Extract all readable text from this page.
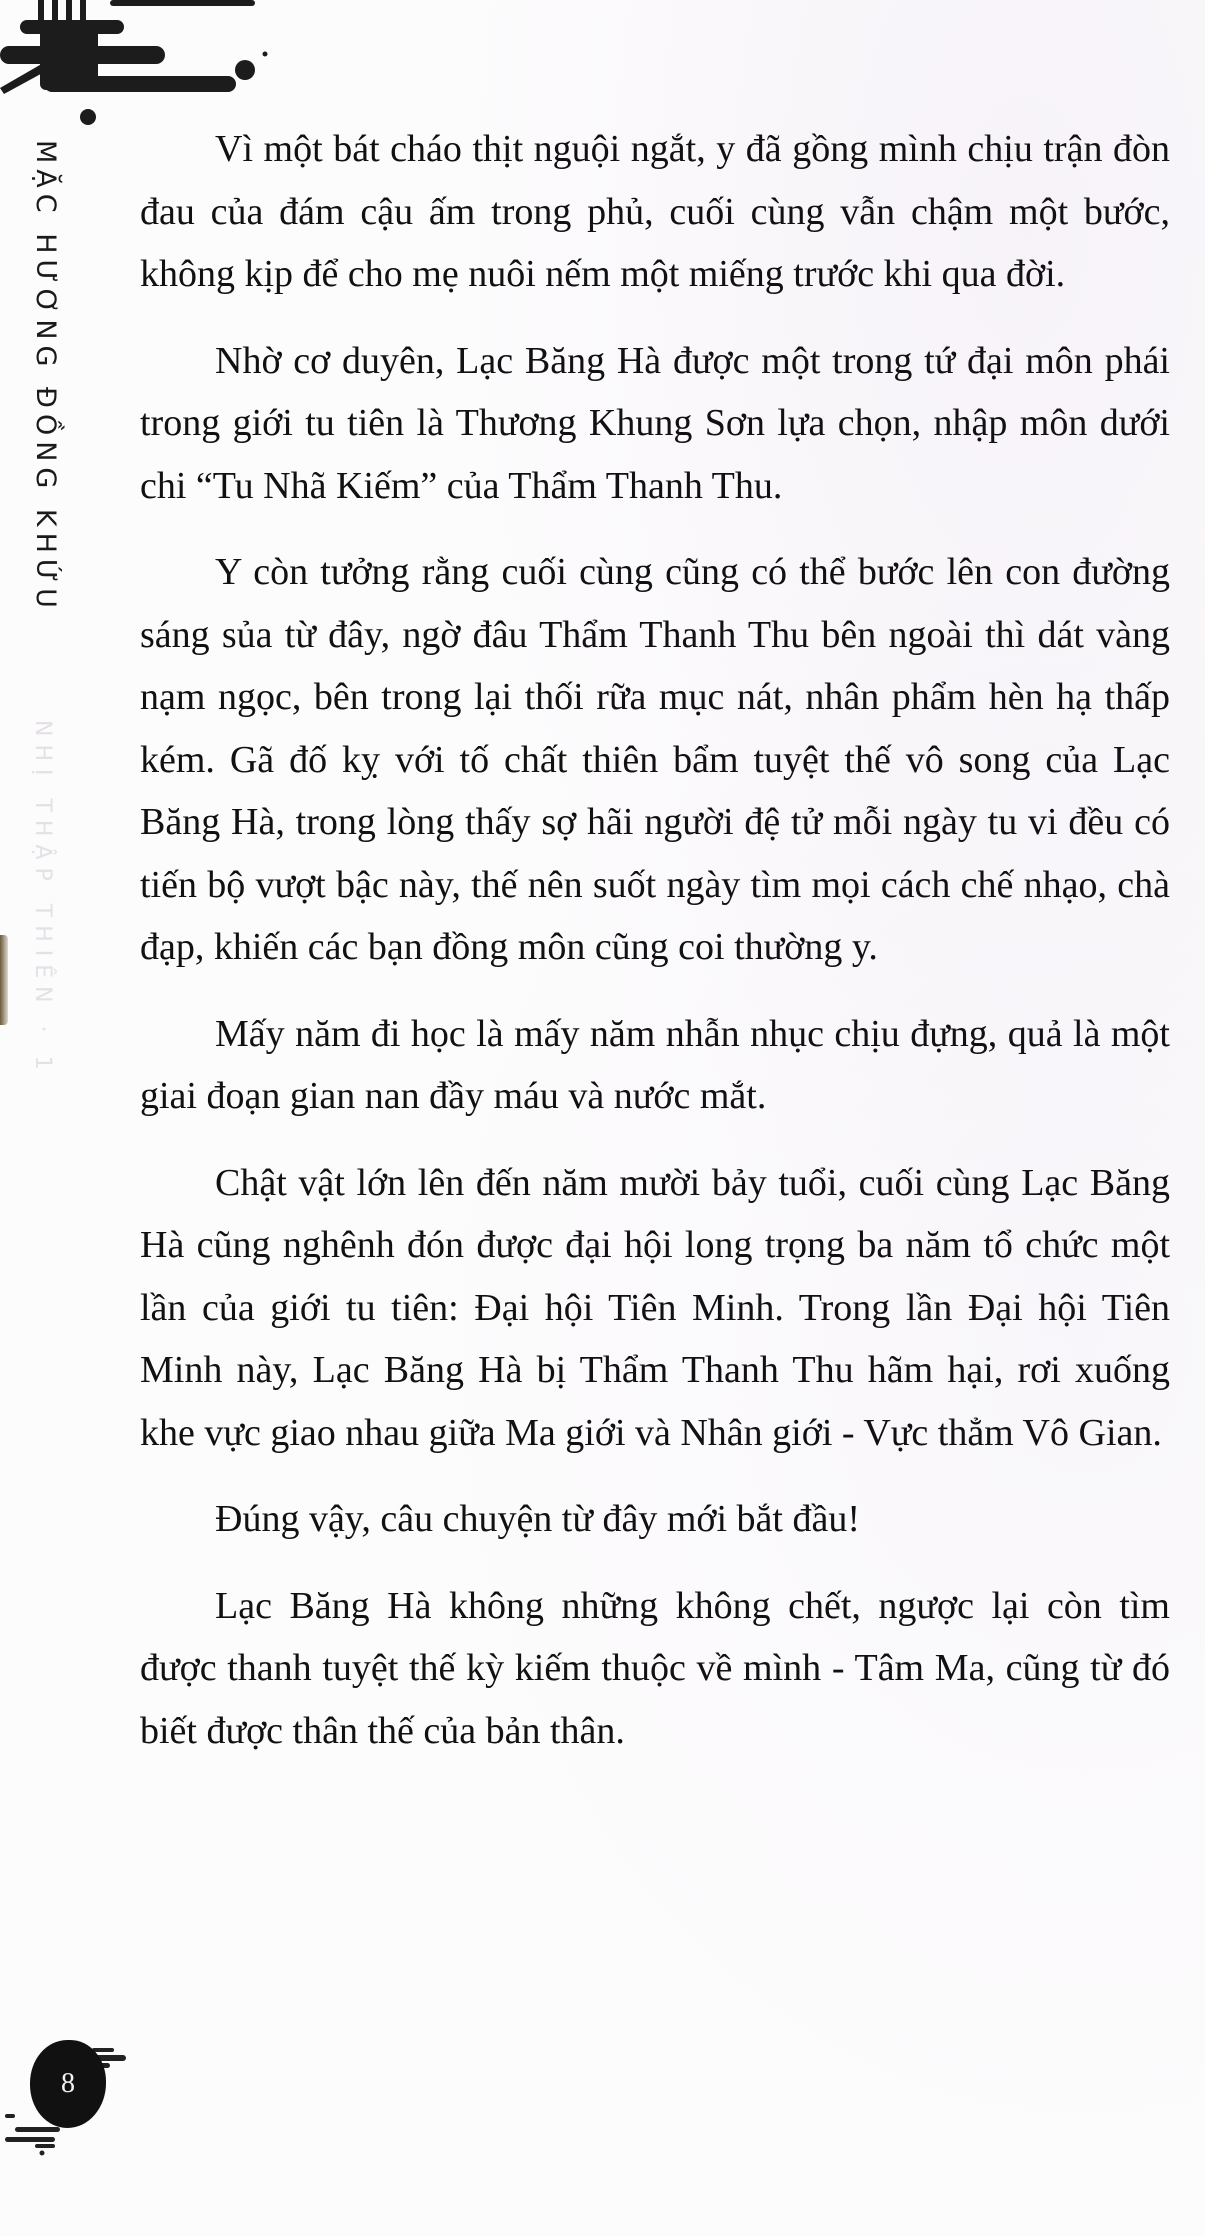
MẶC HƯƠNG ĐỒNG KHỨU
NHỊ THẬP THIÊN · 1

Vì một bát cháo thịt nguội ngắt, y đã gồng mình chịu trận đòn đau của đám cậu ấm trong phủ, cuối cùng vẫn chậm một bước, không kịp để cho mẹ nuôi nếm một miếng trước khi qua đời.

Nhờ cơ duyên, Lạc Băng Hà được một trong tứ đại môn phái trong giới tu tiên là Thương Khung Sơn lựa chọn, nhập môn dưới chi “Tu Nhã Kiếm” của Thẩm Thanh Thu.

Y còn tưởng rằng cuối cùng cũng có thể bước lên con đường sáng sủa từ đây, ngờ đâu Thẩm Thanh Thu bên ngoài thì dát vàng nạm ngọc, bên trong lại thối rữa mục nát, nhân phẩm hèn hạ thấp kém. Gã đố kỵ với tố chất thiên bẩm tuyệt thế vô song của Lạc Băng Hà, trong lòng thấy sợ hãi người đệ tử mỗi ngày tu vi đều có tiến bộ vượt bậc này, thế nên suốt ngày tìm mọi cách chế nhạo, chà đạp, khiến các bạn đồng môn cũng coi thường y.

Mấy năm đi học là mấy năm nhẫn nhục chịu đựng, quả là một giai đoạn gian nan đầy máu và nước mắt.

Chật vật lớn lên đến năm mười bảy tuổi, cuối cùng Lạc Băng Hà cũng nghênh đón được đại hội long trọng ba năm tổ chức một lần của giới tu tiên: Đại hội Tiên Minh. Trong lần Đại hội Tiên Minh này, Lạc Băng Hà bị Thẩm Thanh Thu hãm hại, rơi xuống khe vực giao nhau giữa Ma giới và Nhân giới - Vực thẳm Vô Gian.

Đúng vậy, câu chuyện từ đây mới bắt đầu!

Lạc Băng Hà không những không chết, ngược lại còn tìm được thanh tuyệt thế kỳ kiếm thuộc về mình - Tâm Ma, cũng từ đó biết được thân thế của bản thân.

8
